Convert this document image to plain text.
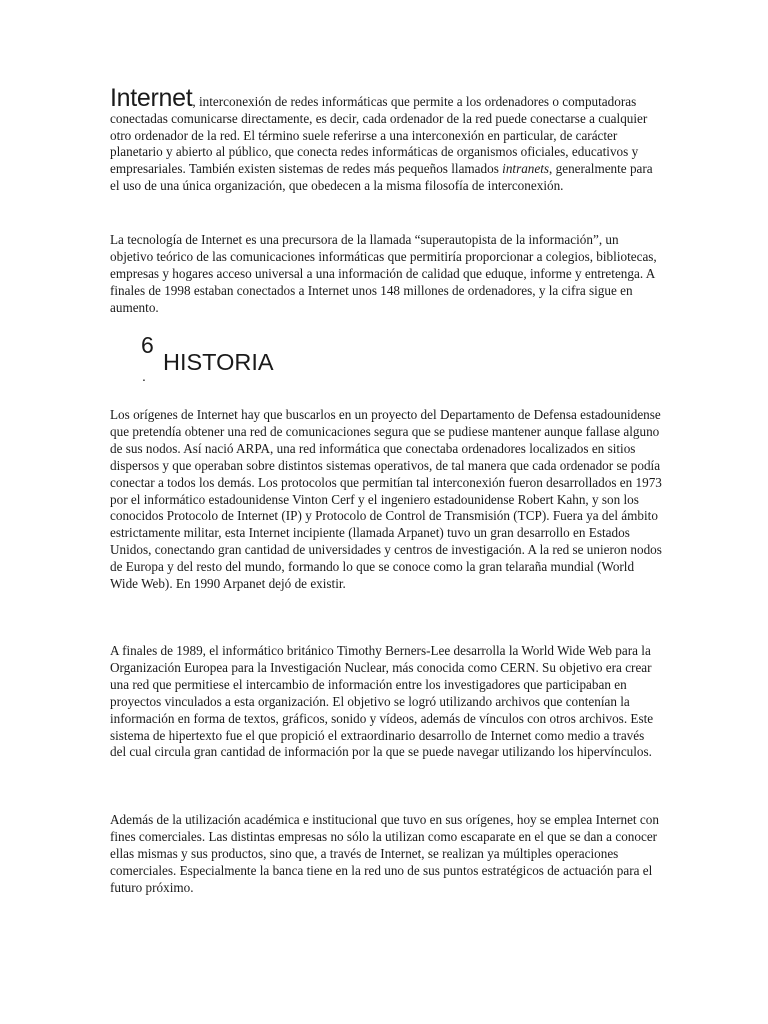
Internet, interconexión de redes informáticas que permite a los ordenadores o computadoras conectadas comunicarse directamente, es decir, cada ordenador de la red puede conectarse a cualquier otro ordenador de la red. El término suele referirse a una interconexión en particular, de carácter planetario y abierto al público, que conecta redes informáticas de organismos oficiales, educativos y empresariales. También existen sistemas de redes más pequeños llamados intranets, generalmente para el uso de una única organización, que obedecen a la misma filosofía de interconexión.

La tecnología de Internet es una precursora de la llamada “superautopista de la información”, un objetivo teórico de las comunicaciones informáticas que permitiría proporcionar a colegios, bibliotecas, empresas y hogares acceso universal a una información de calidad que eduque, informe y entretenga. A finales de 1998 estaban conectados a Internet unos 148 millones de ordenadores, y la cifra sigue en aumento.

6
.
HISTORIA

Los orígenes de Internet hay que buscarlos en un proyecto del Departamento de Defensa estadounidense que pretendía obtener una red de comunicaciones segura que se pudiese mantener aunque fallase alguno de sus nodos. Así nació ARPA, una red informática que conectaba ordenadores localizados en sitios dispersos y que operaban sobre distintos sistemas operativos, de tal manera que cada ordenador se podía conectar a todos los demás. Los protocolos que permitían tal interconexión fueron desarrollados en 1973 por el informático estadounidense Vinton Cerf y el ingeniero estadounidense Robert Kahn, y son los conocidos Protocolo de Internet (IP) y Protocolo de Control de Transmisión (TCP). Fuera ya del ámbito estrictamente militar, esta Internet incipiente (llamada Arpanet) tuvo un gran desarrollo en Estados Unidos, conectando gran cantidad de universidades y centros de investigación. A la red se unieron nodos de Europa y del resto del mundo, formando lo que se conoce como la gran telaraña mundial (World Wide Web). En 1990 Arpanet dejó de existir.

A finales de 1989, el informático británico Timothy Berners-Lee desarrolla la World Wide Web para la Organización Europea para la Investigación Nuclear, más conocida como CERN. Su objetivo era crear una red que permitiese el intercambio de información entre los investigadores que participaban en proyectos vinculados a esta organización. El objetivo se logró utilizando archivos que contenían la información en forma de textos, gráficos, sonido y vídeos, además de vínculos con otros archivos. Este sistema de hipertexto fue el que propició el extraordinario desarrollo de Internet como medio a través del cual circula gran cantidad de información por la que se puede navegar utilizando los hipervínculos.

Además de la utilización académica e institucional que tuvo en sus orígenes, hoy se emplea Internet con fines comerciales. Las distintas empresas no sólo la utilizan como escaparate en el que se dan a conocer ellas mismas y sus productos, sino que, a través de Internet, se realizan ya múltiples operaciones comerciales. Especialmente la banca tiene en la red uno de sus puntos estratégicos de actuación para el futuro próximo.
